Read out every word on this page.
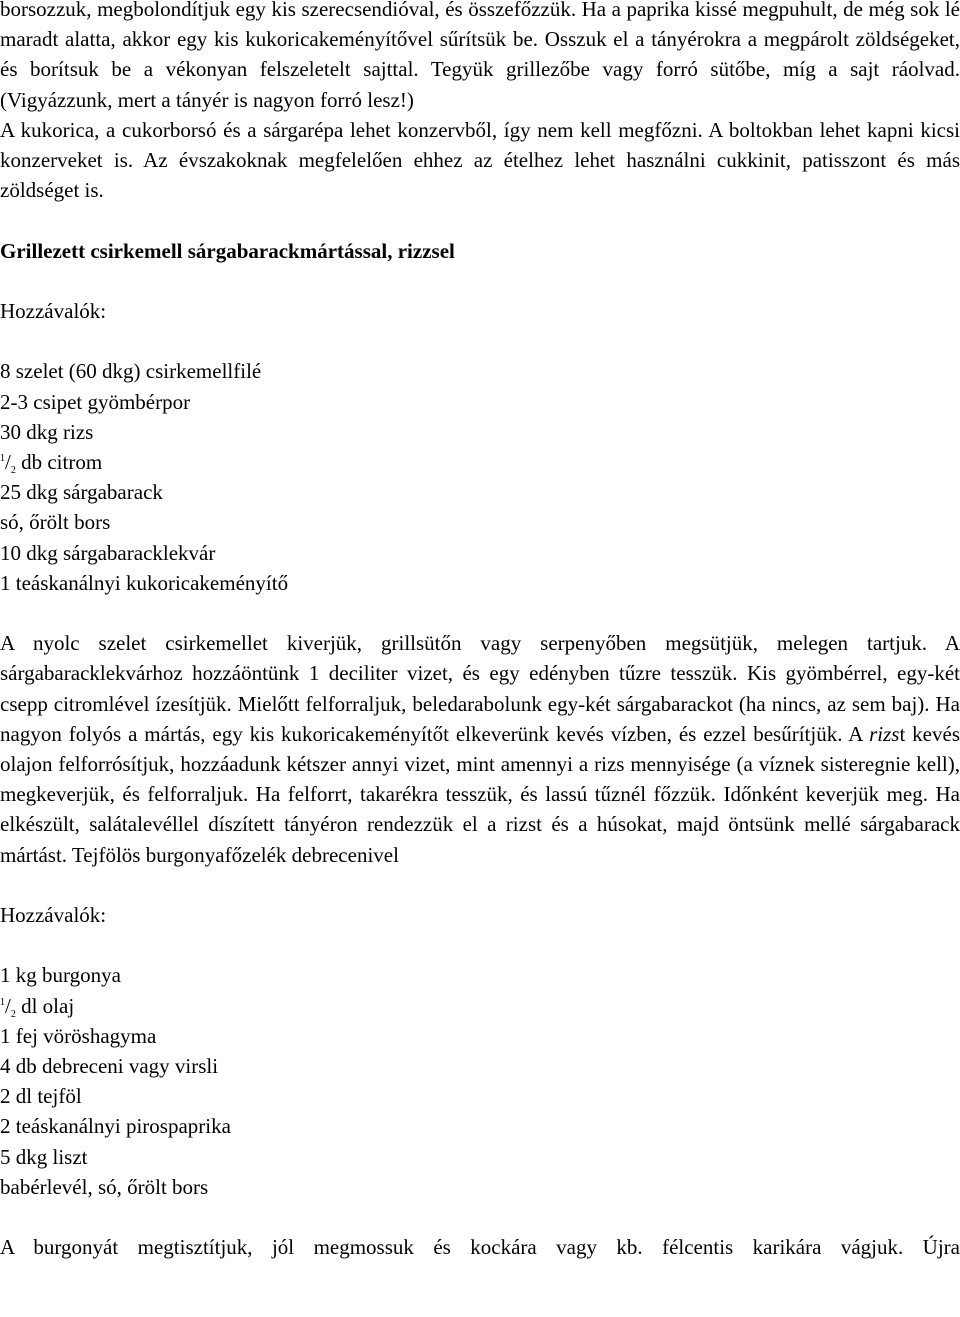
borsozzuk, megbolondítjuk egy kis szerecsendióval, és összefőzzük. Ha a paprika kissé megpuhult, de még sok lé maradt alatta, akkor egy kis kukoricakeményítővel sűrítsük be. Osszuk el a tányérokra a megpárolt zöldségeket, és borítsuk be a vékonyan felszeletelt sajttal. Tegyük grillezőbe vagy forró sütőbe, míg a sajt ráolvad. (Vigyázzunk, mert a tányér is nagyon forró lesz!)

A kukorica, a cukorborsó és a sárgarépa lehet konzervből, így nem kell megfőzni. A boltokban lehet kapni kicsi konzerveket is. Az évszakoknak megfelelően ehhez az ételhez lehet használni cukkinit, patisszont és más zöldséget is.

Grillezett csirkemell sárgabarackmártással, rizzsel

Hozzávalók:

8 szelet (60 dkg) csirkemellfilé
2-3 csipet gyömbérpor
30 dkg rizs
$^1/_2$ db citrom
25 dkg sárgabarack
só, őrölt bors
10 dkg sárgabaracklekvár
1 teáskanálnyi kukoricakeményítő

A nyolc szelet csirkemellet kiverjük, grillsütőn vagy serpenyőben megsütjük, melegen tartjuk. A sárgabaracklekvárhoz hozzáöntünk 1 deciliter vizet, és egy edényben tűzre tesszük. Kis gyömbérrel, egy-két csepp citromlével ízesítjük. Mielőtt felforraljuk, beledarabolunk egy-két sárgabarackot (ha nincs, az sem baj). Ha nagyon folyós a mártás, egy kis kukoricakeményítőt elkeverünk kevés vízben, és ezzel besűrítjük. A rizst kevés olajon felforrósítjuk, hozzáadunk kétszer annyi vizet, mint amennyi a rizs mennyisége (a víznek sisteregnie kell), megkeverjük, és felforraljuk. Ha felforrt, takarékra tesszük, és lassú tűznél főzzük. Időnként keverjük meg. Ha elkészült, salátalevéllel díszített tányéron rendezzük el a rizst és a húsokat, majd öntsünk mellé sárgabarack mártást. Tejfölös burgonyafőzelék debrecenivel

Hozzávalók:

1 kg burgonya
$^1/_2$ dl olaj
1 fej vöröshagyma
4 db debreceni vagy virsli
2 dl tejföl
2 teáskanálnyi pirospaprika
5 dkg liszt
babérlevél, só, őrölt bors

A burgonyát megtisztítjuk, jól megmossuk és kockára vagy kb. félcentis karikára vágjuk. Újra
